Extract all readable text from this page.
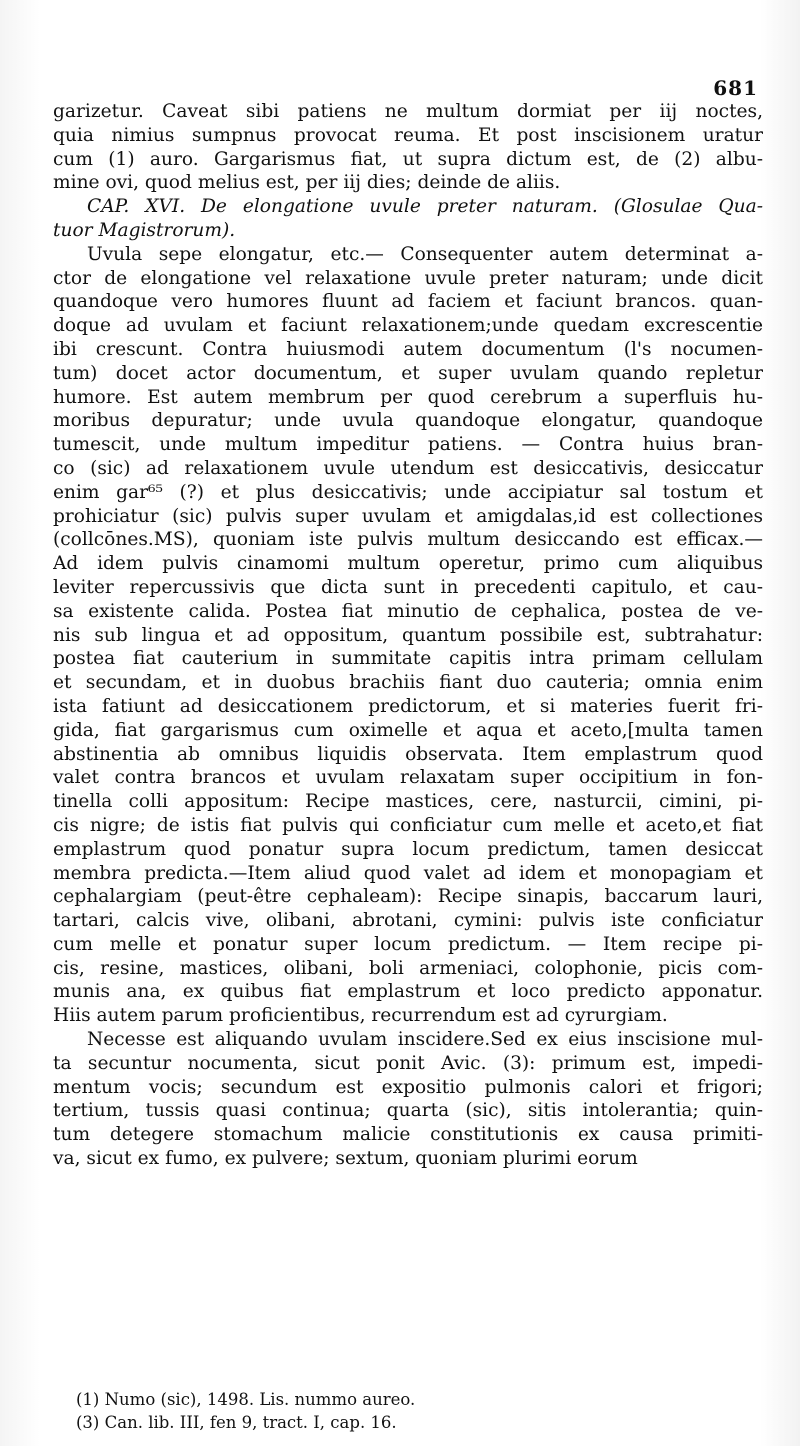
681
garizetur. Caveat sibi patiens ne multum dormiat per iij noctes,
quia nimius sumpnus provocat reuma. Et post inscisionem uratur
cum (1) auro. Gargarismus fiat, ut supra dictum est, de (2) albu-
mine ovi, quod melius est, per iij dies; deinde de aliis.
CAP. XVI. De elongatione uvule preter naturam. (Glosulae Qua-
tuor Magistrorum).
Uvula sepe elongatur, etc.— Consequenter autem determinat a-
ctor de elongatione vel relaxatione uvule preter naturam; unde dicit
quandoque vero humores fluunt ad faciem et faciunt brancos. quan-
doque ad uvulam et faciunt relaxationem;unde quedam excrescentie
ibi crescunt. Contra huiusmodi autem documentum (l's nocumen-
tum) docet actor documentum, et super uvulam quando repletur
humore. Est autem membrum per quod cerebrum a superfluis hu-
moribus depuratur; unde uvula quandoque elongatur, quandoque
tumescit, unde multum impeditur patiens. — Contra huius bran-
co (sic) ad relaxationem uvule utendum est desiccativis, desiccatur
enim gar⁶⁵ (?) et plus desiccativis; unde accipiatur sal tostum et
prohiciatur (sic) pulvis super uvulam et amigdalas,id est collectiones
(collcōnes.MS), quoniam iste pulvis multum desiccando est efficax.—
Ad idem pulvis cinamomi multum operetur, primo cum aliquibus
leviter repercussivis que dicta sunt in precedenti capitulo, et cau-
sa existente calida. Postea fiat minutio de cephalica, postea de ve-
nis sub lingua et ad oppositum, quantum possibile est, subtrahatur:
postea fiat cauterium in summitate capitis intra primam cellulam
et secundam, et in duobus brachiis fiant duo cauteria; omnia enim
ista fatiunt ad desiccationem predictorum, et si materies fuerit fri-
gida, fiat gargarismus cum oximelle et aqua et aceto,[multa tamen
abstinentia ab omnibus liquidis observata. Item emplastrum quod
valet contra brancos et uvulam relaxatam super occipitium in fon-
tinella colli appositum: Recipe mastices, cere, nasturcii, cimini, pi-
cis nigre; de istis fiat pulvis qui conficiatur cum melle et aceto,et fiat
emplastrum quod ponatur supra locum predictum, tamen desiccat
membra predicta.—Item aliud quod valet ad idem et monopagiam et
cephalargiam (peut-être cephaleam): Recipe sinapis, baccarum lauri,
tartari, calcis vive, olibani, abrotani, cymini: pulvis iste conficiatur
cum melle et ponatur super locum predictum. — Item recipe pi-
cis, resine, mastices, olibani, boli armeniaci, colophonie, picis com-
munis ana, ex quibus fiat emplastrum et loco predicto apponatur.
Hiis autem parum proficientibus, recurrendum est ad cyrurgiam.
Necesse est aliquando uvulam inscidere.Sed ex eius inscisione mul-
ta secuntur nocumenta, sicut ponit Avic. (3): primum est, impedi-
mentum vocis; secundum est expositio pulmonis calori et frigori;
tertium, tussis quasi continua; quarta (sic), sitis intolerantia; quin-
tum detegere stomachum malicie constitutionis ex causa primiti-
va, sicut ex fumo, ex pulvere; sextum, quoniam plurimi eorum
(1) Numo (sic), 1498. Lis. nummo aureo.
(3) Can. lib. III, fen 9, tract. I, cap. 16.
